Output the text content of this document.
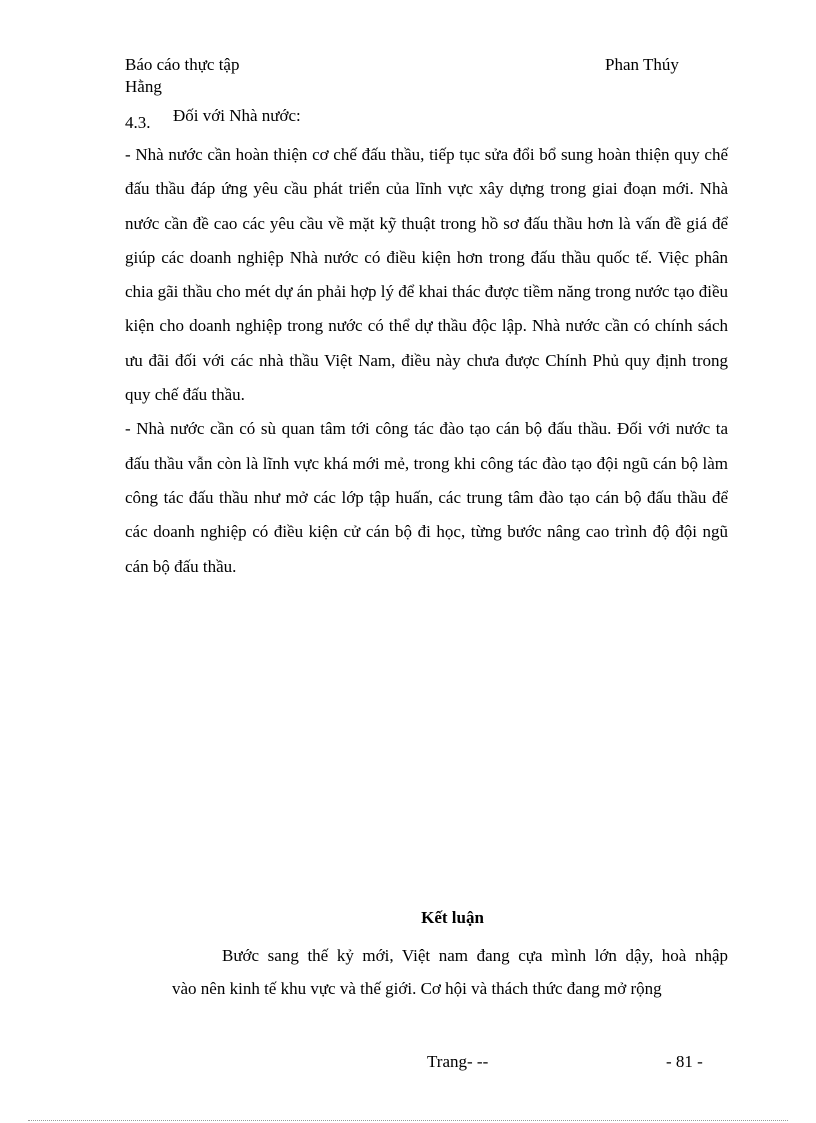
Báo cáo thực tập
Hằng
Phan Thúy
4.3. Đối với Nhà nước:

- Nhà nước cần hoàn thiện cơ chế đấu thầu, tiếp tục sửa đổi bổ sung hoàn thiện quy chế đấu thầu đáp ứng yêu cầu phát triển của lĩnh vực xây dựng trong giai đoạn mới. Nhà nước cần đề cao các yêu cầu về mặt kỹ thuật trong hồ sơ đấu thầu hơn là vấn đề giá để giúp các doanh nghiệp Nhà nước có điều kiện hơn trong đấu thầu quốc tế. Việc phân chia gãi thầu cho mét dự án phải hợp lý để khai thác được tiềm năng trong nước tạo điều kiện cho doanh nghiệp trong nước có thể dự thầu độc lập. Nhà nước cần có chính sách ưu đãi đối với các nhà thầu Việt Nam, điều này chưa được Chính Phủ quy định trong quy chế đấu thầu.

- Nhà nước cần có sù quan tâm tới công tác đào tạo cán bộ đấu thầu. Đối với nước ta đấu thầu vẫn còn là lĩnh vực khá mới mẻ, trong khi công tác đào tạo đội ngũ cán bộ làm công tác đấu thầu như mở các lớp tập huấn, các trung tâm đào tạo cán bộ đấu thầu để các doanh nghiệp có điều kiện cử cán bộ đi học, từng bước nâng cao trình độ đội ngũ cán bộ đấu thầu.

Kết luận
Bước sang thế kỷ mới, Việt nam đang cựa mình lớn dậy, hoà nhập
vào nên kinh tế khu vực và thế giới. Cơ hội và thách thức đang mở rộng
Trang- --	- 81 -
